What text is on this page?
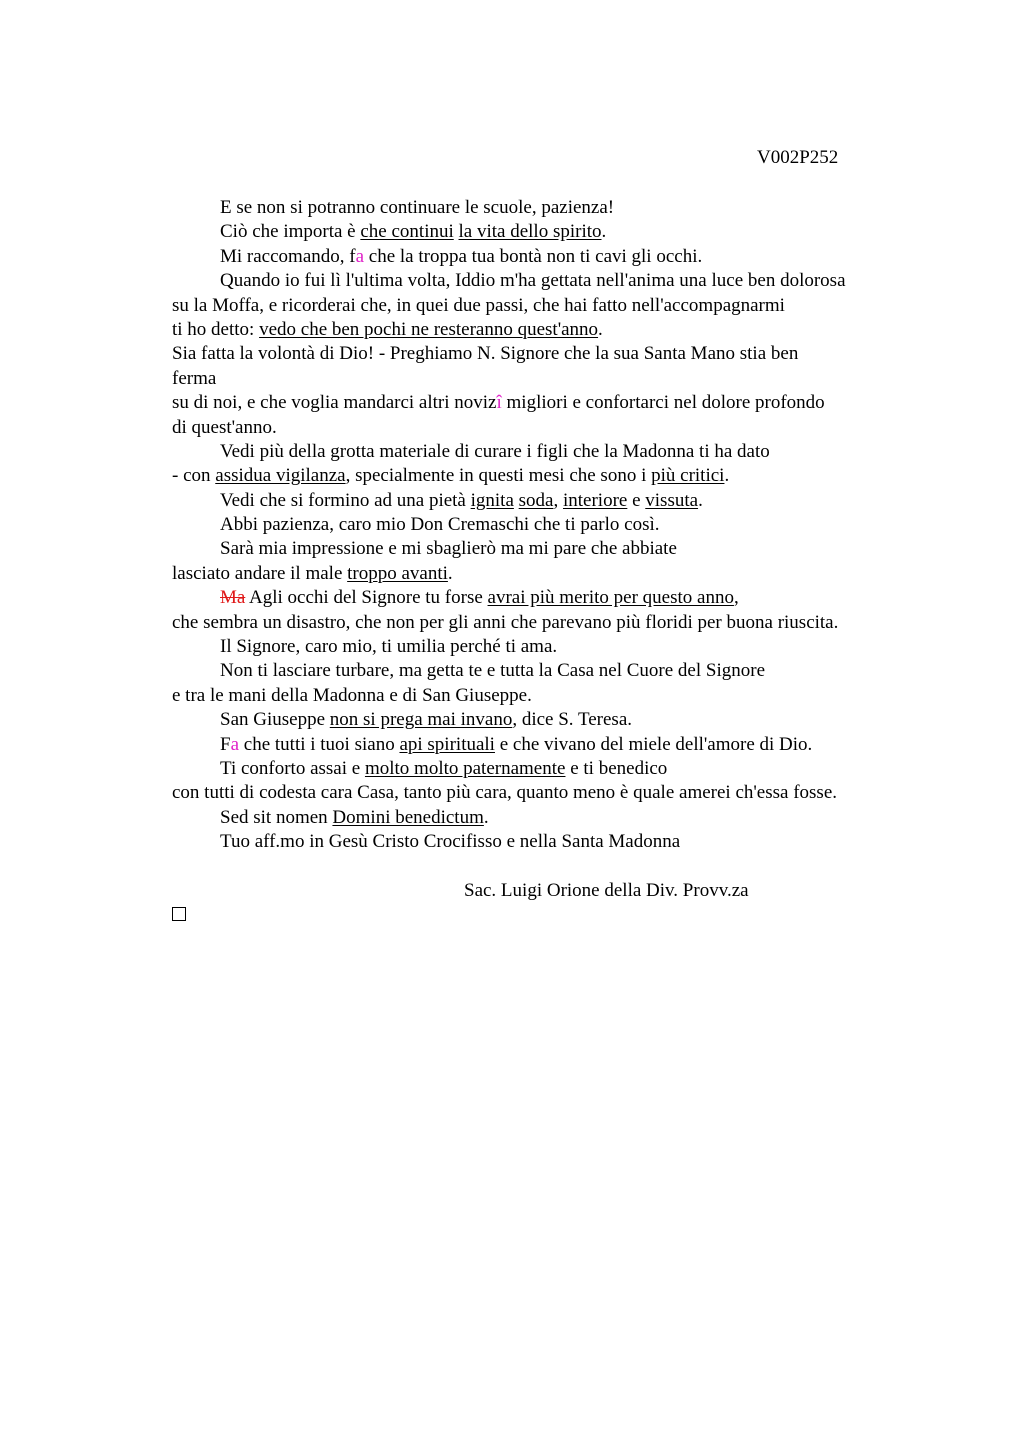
V002P252
E se non si potranno continuare le scuole, pazienza!
Ciò che importa è che continui la vita dello spirito.
Mi raccomando, fa che la troppa tua bontà non ti cavi gli occhi.
Quando io fui lì l'ultima volta, Iddio m'ha gettata nell'anima una luce ben dolorosa
su la Moffa, e ricorderai che, in quei due passi, che hai fatto nell'accompagnarmi
ti ho detto: vedo che ben pochi ne resteranno quest'anno.
Sia fatta la volontà di Dio! - Preghiamo N. Signore che la sua Santa Mano stia ben
ferma
su di noi, e che voglia mandarci altri novizî migliori e confortarci nel dolore profondo
di quest'anno.
Vedi più della grotta materiale di curare i figli che la Madonna ti ha dato
- con assidua vigilanza, specialmente in questi mesi che sono i più critici.
Vedi che si formino ad una pietà ignita soda, interiore e vissuta.
Abbi pazienza, caro mio Don Cremaschi che ti parlo così.
Sarà mia impressione e mi sbaglierò ma mi pare che abbiate
lasciato andare il male troppo avanti.
Ma Agli occhi del Signore tu forse avrai più merito per questo anno,
che sembra un disastro, che non per gli anni che parevano più floridi per buona riuscita.
Il Signore, caro mio, ti umilia perché ti ama.
Non ti lasciare turbare, ma getta te e tutta la Casa nel Cuore del Signore
e tra le mani della Madonna e di San Giuseppe.
San Giuseppe non si prega mai invano, dice S. Teresa.
Fa che tutti i tuoi siano api spirituali e che vivano del miele dell'amore di Dio.
Ti conforto assai e molto molto paternamente e ti benedico
con tutti di codesta cara Casa, tanto più cara, quanto meno è quale amerei ch'essa fosse.
Sed sit nomen Domini benedictum.
Tuo aff.mo in Gesù Cristo Crocifisso e nella Santa Madonna
Sac. Luigi Orione della Div. Provv.za
